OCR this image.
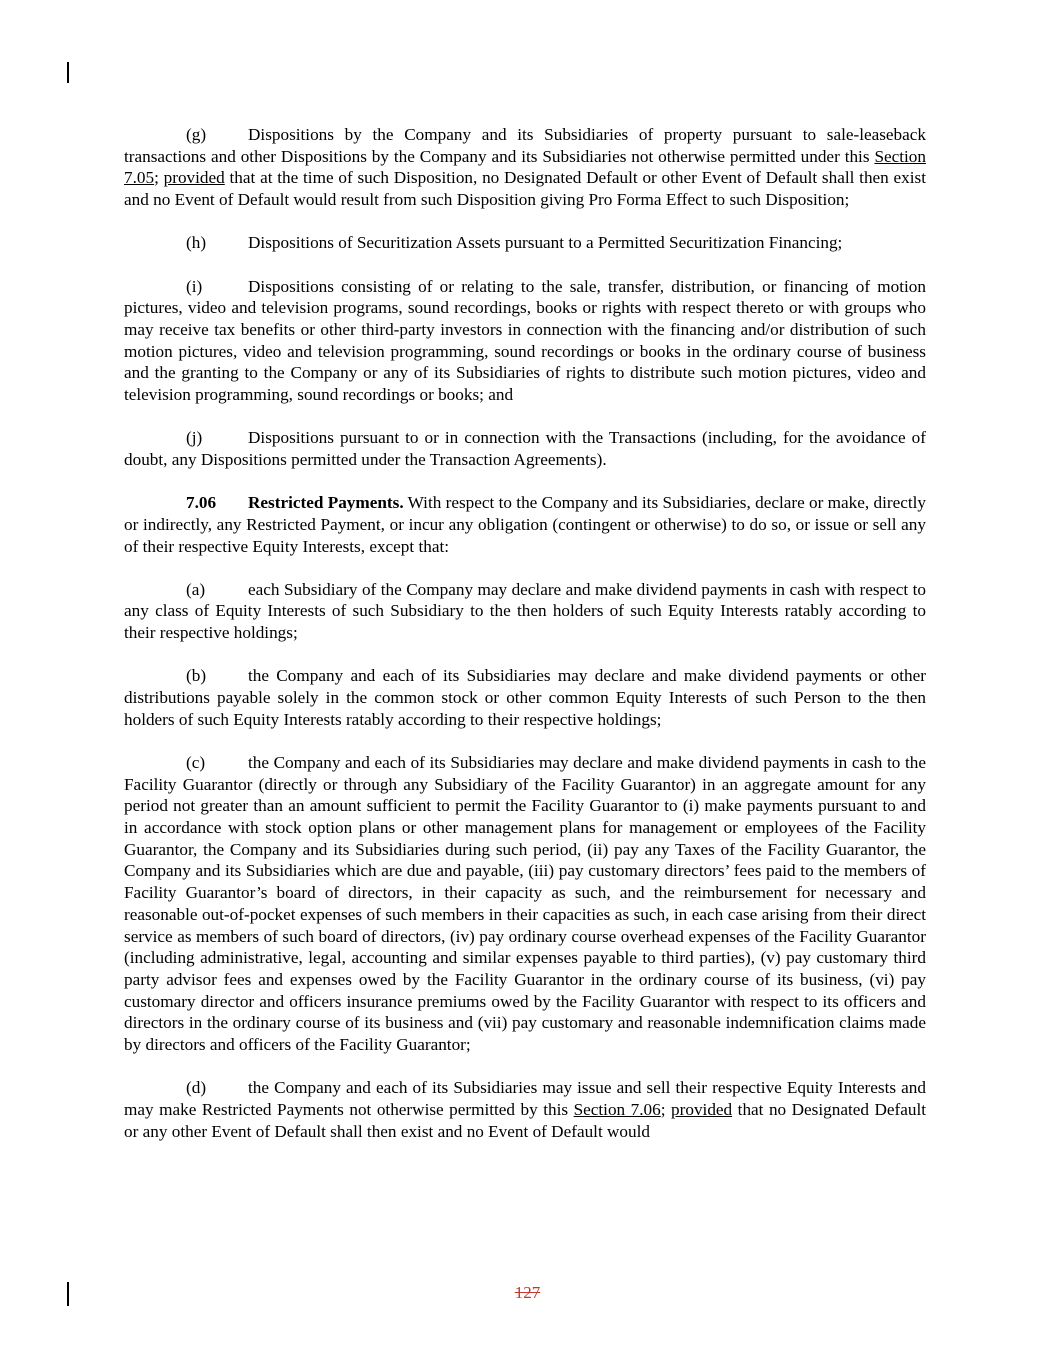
(g) Dispositions by the Company and its Subsidiaries of property pursuant to sale-leaseback transactions and other Dispositions by the Company and its Subsidiaries not otherwise permitted under this Section 7.05; provided that at the time of such Disposition, no Designated Default or other Event of Default shall then exist and no Event of Default would result from such Disposition giving Pro Forma Effect to such Disposition;

(h) Dispositions of Securitization Assets pursuant to a Permitted Securitization Financing;

(i)	Dispositions consisting of or relating to the sale, transfer, distribution, or financing of motion pictures, video and television programs, sound recordings, books or rights with respect thereto or with groups who may receive tax benefits or other third-party investors in connection with the financing and/or distribution of such motion pictures, video and television programming, sound recordings or books in the ordinary course of business and the granting to the Company or any of its Subsidiaries of rights to distribute such motion pictures, video and television programming, sound recordings or books; and

(j)	Dispositions pursuant to or in connection with the Transactions (including, for the avoidance of doubt, any Dispositions permitted under the Transaction Agreements).

7.06 Restricted Payments. With respect to the Company and its Subsidiaries, declare or make, directly or indirectly, any Restricted Payment, or incur any obligation (contingent or otherwise) to do so, or issue or sell any of their respective Equity Interests, except that:

(a) each Subsidiary of the Company may declare and make dividend payments in cash with respect to any class of Equity Interests of such Subsidiary to the then holders of such Equity Interests ratably according to their respective holdings;

(b) the Company and each of its Subsidiaries may declare and make dividend payments or other distributions payable solely in the common stock or other common Equity Interests of such Person to the then holders of such Equity Interests ratably according to their respective holdings;

(c) the Company and each of its Subsidiaries may declare and make dividend payments in cash to the Facility Guarantor (directly or through any Subsidiary of the Facility Guarantor) in an aggregate amount for any period not greater than an amount sufficient to permit the Facility Guarantor to (i) make payments pursuant to and in accordance with stock option plans or other management plans for management or employees of the Facility Guarantor, the Company and its Subsidiaries during such period, (ii) pay any Taxes of the Facility Guarantor, the Company and its Subsidiaries which are due and payable, (iii) pay customary directors’ fees paid to the members of Facility Guarantor’s board of directors, in their capacity as such, and the reimbursement for necessary and reasonable out-of-pocket expenses of such members in their capacities as such, in each case arising from their direct service as members of such board of directors, (iv) pay ordinary course overhead expenses of the Facility Guarantor (including administrative, legal, accounting and similar expenses payable to third parties), (v) pay customary third party advisor fees and expenses owed by the Facility Guarantor in the ordinary course of its business, (vi) pay customary director and officers insurance premiums owed by the Facility Guarantor with respect to its officers and directors in the ordinary course of its business and (vii) pay customary and reasonable indemnification claims made by directors and officers of the Facility Guarantor;

(d) the Company and each of its Subsidiaries may issue and sell their respective Equity Interests and may make Restricted Payments not otherwise permitted by this Section 7.06; provided that no Designated Default or any other Event of Default shall then exist and no Event of Default would

127
